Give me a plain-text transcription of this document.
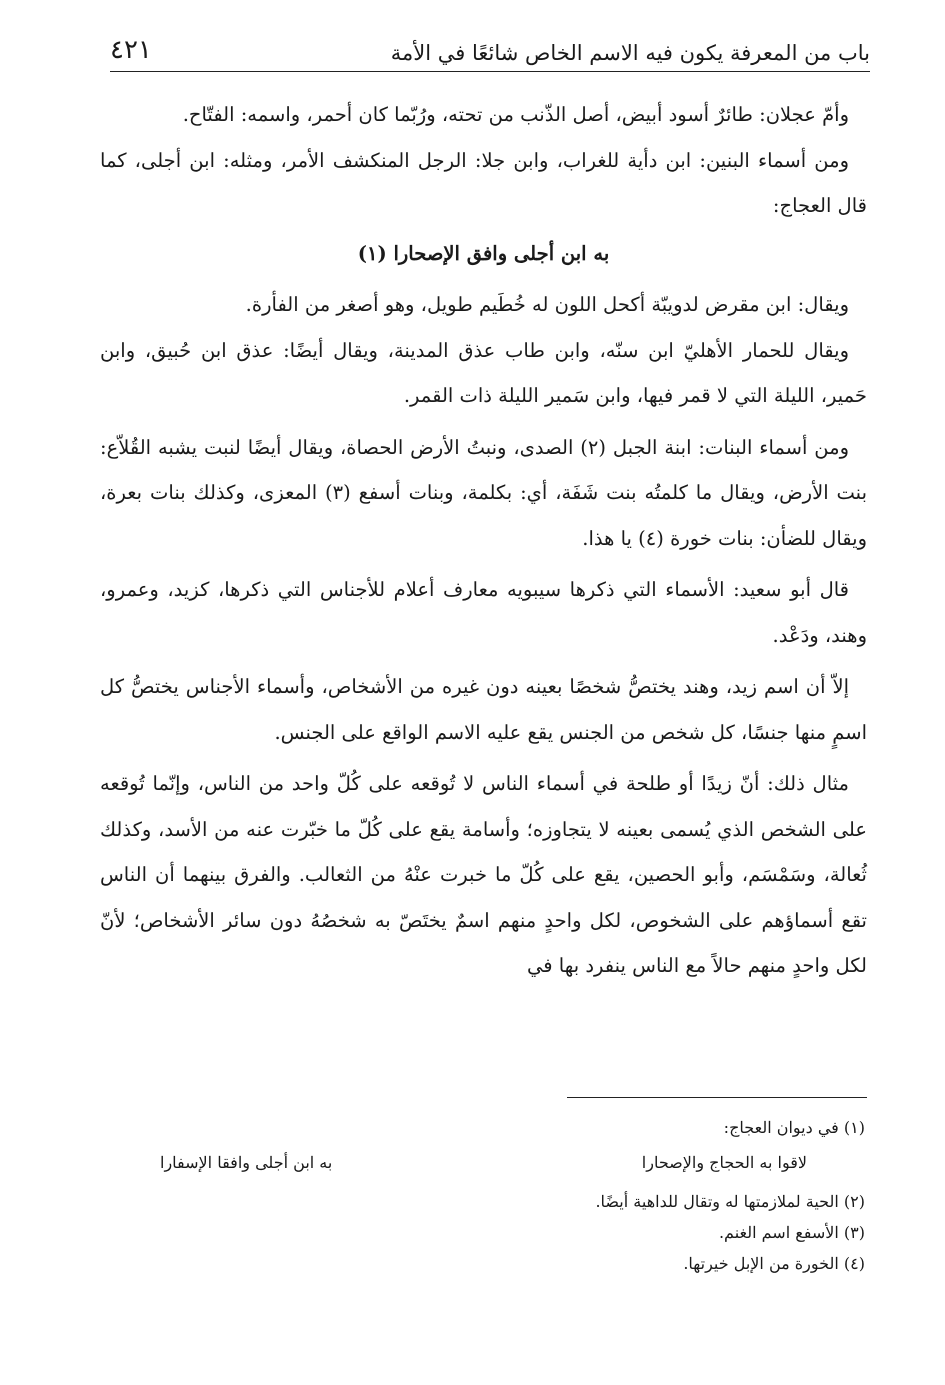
باب من المعرفة يكون فيه الاسم الخاص شائعًا في الأمة
٤٢١

وأمّ عجلان: طائرٌ أسود أبيض، أصل الذّنب من تحته، ورُبّما كان أحمر، واسمه: الفتّاح.

ومن أسماء البنين: ابن دأية للغراب، وابن جلا: الرجل المنكشف الأمر، ومثله: ابن أجلى، كما قال العجاج:

به ابن أجلى وافق الإصحارا (١)

ويقال: ابن مقرض لدويبّة أكحل اللون له خُطَيم طويل، وهو أصغر من الفأرة.

ويقال للحمار الأهليّ ابن سنّه، وابن طاب عذق المدينة، ويقال أيضًا: عذق ابن حُبيق، وابن حَمير، الليلة التي لا قمر فيها، وابن سَمير الليلة ذات القمر.

ومن أسماء البنات: ابنة الجبل (٢) الصدى، ونبتُ الأرض الحصاة، ويقال أيضًا لنبت يشبه القُلاّع: بنت الأرض، ويقال ما كلمتُه بنت شَفَة، أي: بكلمة، وبنات أسفع (٣) المعزى، وكذلك بنات بعرة، ويقال للضأن: بنات خورة (٤) يا هذا.

قال أبو سعيد: الأسماء التي ذكرها سيبويه معارف أعلام للأجناس التي ذكرها، كزيد، وعمرو، وهند، ودَعْد.

إلاّ أن اسم زيد، وهند يختصُّ شخصًا بعينه دون غيره من الأشخاص، وأسماء الأجناس يختصُّ كل اسمٍ منها جنسًا، كل شخص من الجنس يقع عليه الاسم الواقع على الجنس.

مثال ذلك: أنّ زيدًا أو طلحة في أسماء الناس لا تُوقعه على كُلّ واحد من الناس، وإنّما تُوقعه على الشخص الذي يُسمى بعينه لا يتجاوزه؛ وأسامة يقع على كُلّ ما خبّرت عنه من الأسد، وكذلك ثُعالة، وسَمْسَم، وأبو الحصين، يقع على كُلّ ما خبرت عنْهُ من الثعالب. والفرق بينهما أن الناس تقع أسماؤهم على الشخوص، لكل واحدٍ منهم اسمٌ يختَصّ به شخصُهُ دون سائر الأشخاص؛ لأنّ لكل واحدٍ منهم حالاً مع الناس ينفرد بها في

(١) في ديوان العجاج:

لاقوا به الحجاج والإصحارا
به ابن أجلى وافقا الإسفارا

(٢) الحية لملازمتها له وتقال للداهية أيضًا.

(٣) الأسفع اسم الغنم.

(٤) الخورة من الإبل خيرتها.
